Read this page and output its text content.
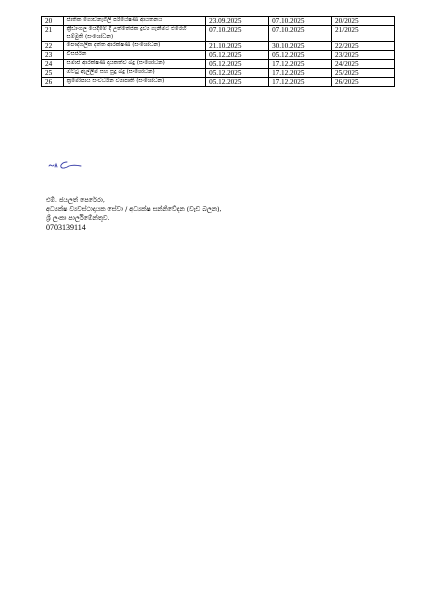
20	ජාතික ගොඩනැගිලි පරියේෂණ ආයතනය	23.09.2025	07.10.2025	20/2025
21	ක්‍රීඩාංගල යෙදීමේ දී උත්තේජක ද්‍රව්‍ය ගැනීමට එරෙහි සම්මුති (සංශෝධන)	07.10.2025	07.10.2025	21/2025
22	පෞද්ගලික දත්ත ආරක්ෂණ (සංශෝධන)	21.10.2025	30.10.2025	22/2025
23	විසර්ජන	05.12.2025	05.12.2025	23/2025
24	සමාජ ආරක්ෂණ දායකත්ව බදු (සංශෝධන)	05.12.2025	17.12.2025	24/2025
25	ඔට්ටු ඇල්ලීම සහ සූදු බදු (සංශෝධන)	05.12.2025	17.12.2025	25/2025
26	ක්‍රමෝපාය සංවර්ධන ව්‍යාපෘති (සංශෝධන)	05.12.2025	17.12.2025	26/2025
එම්. ජයලත් පෙරේරා,
අධ්‍යක්ෂ ව්‍යවස්ථාදායක සේවා / අධ්‍යක්ෂ සන්නිවේදන (වැඩ බලන),
ශ්‍රී ලංකා පාර්ලිමේන්තුව.
0703139114
